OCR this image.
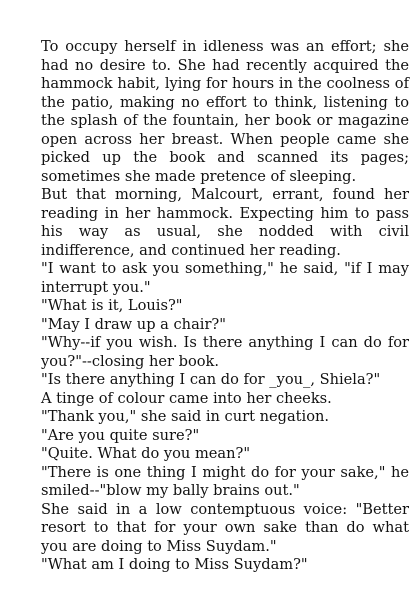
To occupy herself in idleness was an effort; she had no desire to. She had recently acquired the hammock habit, lying for hours in the coolness of the patio, making no effort to think, listening to the splash of the fountain, her book or magazine open across her breast. When people came she picked up the book and scanned its pages; sometimes she made pretence of sleeping.

But that morning, Malcourt, errant, found her reading in her hammock. Expecting him to pass his way as usual, she nodded with civil indifference, and continued her reading.

"I want to ask you something," he said, "if I may interrupt you."

"What is it, Louis?"

"May I draw up a chair?"

"Why--if you wish. Is there anything I can do for you?"--closing her book.

"Is there anything I can do for _you_, Shiela?"

A tinge of colour came into her cheeks.

"Thank you," she said in curt negation.

"Are you quite sure?"

"Quite. What do you mean?"

"There is one thing I might do for your sake," he smiled--"blow my bally brains out."

She said in a low contemptuous voice: "Better resort to that for your own sake than do what you are doing to Miss Suydam."

"What am I doing to Miss Suydam?"
